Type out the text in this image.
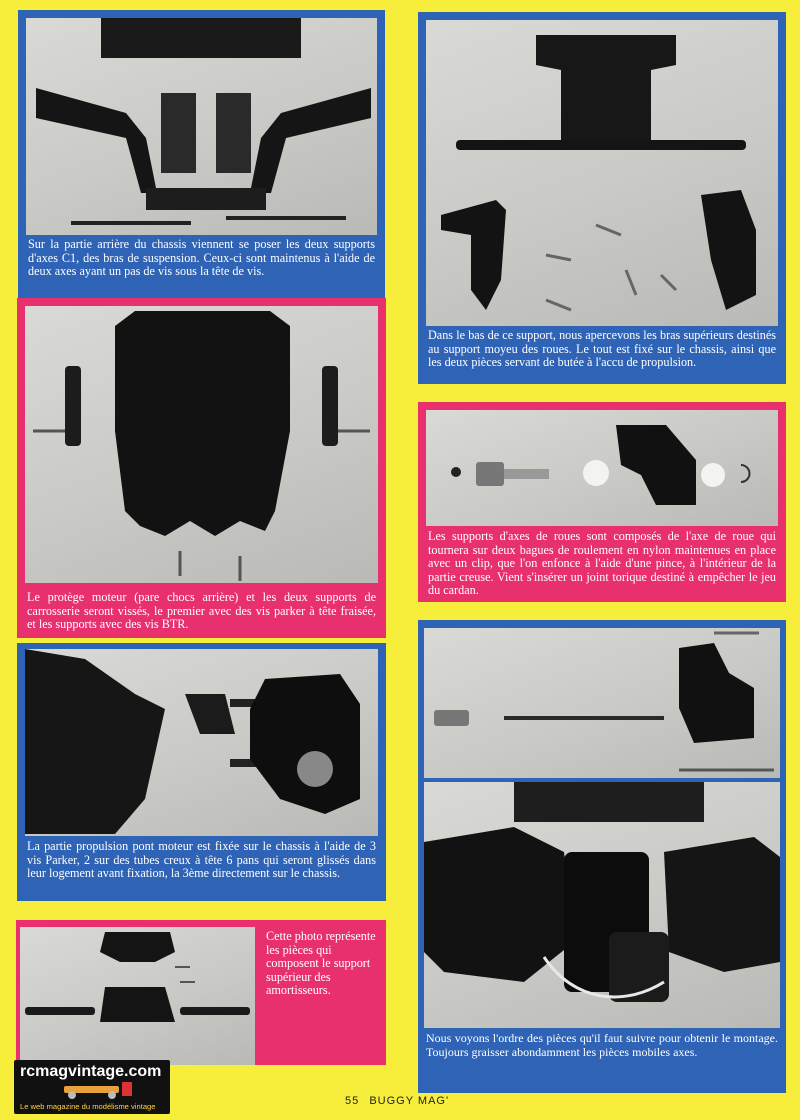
Sur la partie arrière du chassis viennent se poser les deux supports d'axes C1, des bras de suspension. Ceux-ci sont maintenus à l'aide de deux axes ayant un pas de vis sous la tête de vis.

Dans le bas de ce support, nous apercevons les bras supérieurs destinés au support moyeu des roues. Le tout est fixé sur le chassis, ainsi que les deux pièces servant de butée à l'accu de propulsion.

Le protège moteur (pare chocs arrière) et les deux supports de carrosserie seront vissés, le premier avec des vis parker à tête fraisée, et les supports avec des vis BTR.

Les supports d'axes de roues sont composés de l'axe de roue qui tournera sur deux bagues de roulement en nylon maintenues en place avec un clip, que l'on enfonce à l'aide d'une pince, à l'intérieur de la partie creuse. Vient s'insérer un joint torique destiné à empêcher le jeu du cardan.

La partie propulsion pont moteur est fixée sur le chassis à l'aide de 3 vis Parker, 2 sur des tubes creux à tête 6 pans qui seront glissés dans leur logement avant fixation, la 3ème directement sur le chassis.

Cette photo représente les pièces qui composent le support supérieur des amortisseurs.

Nous voyons l'ordre des pièces qu'il faut suivre pour obtenir le montage. Toujours graisser abondamment les pièces mobiles axes.

rcmagvintage.com
Le web magazine du modélisme vintage	55 BUGGY MAG'
